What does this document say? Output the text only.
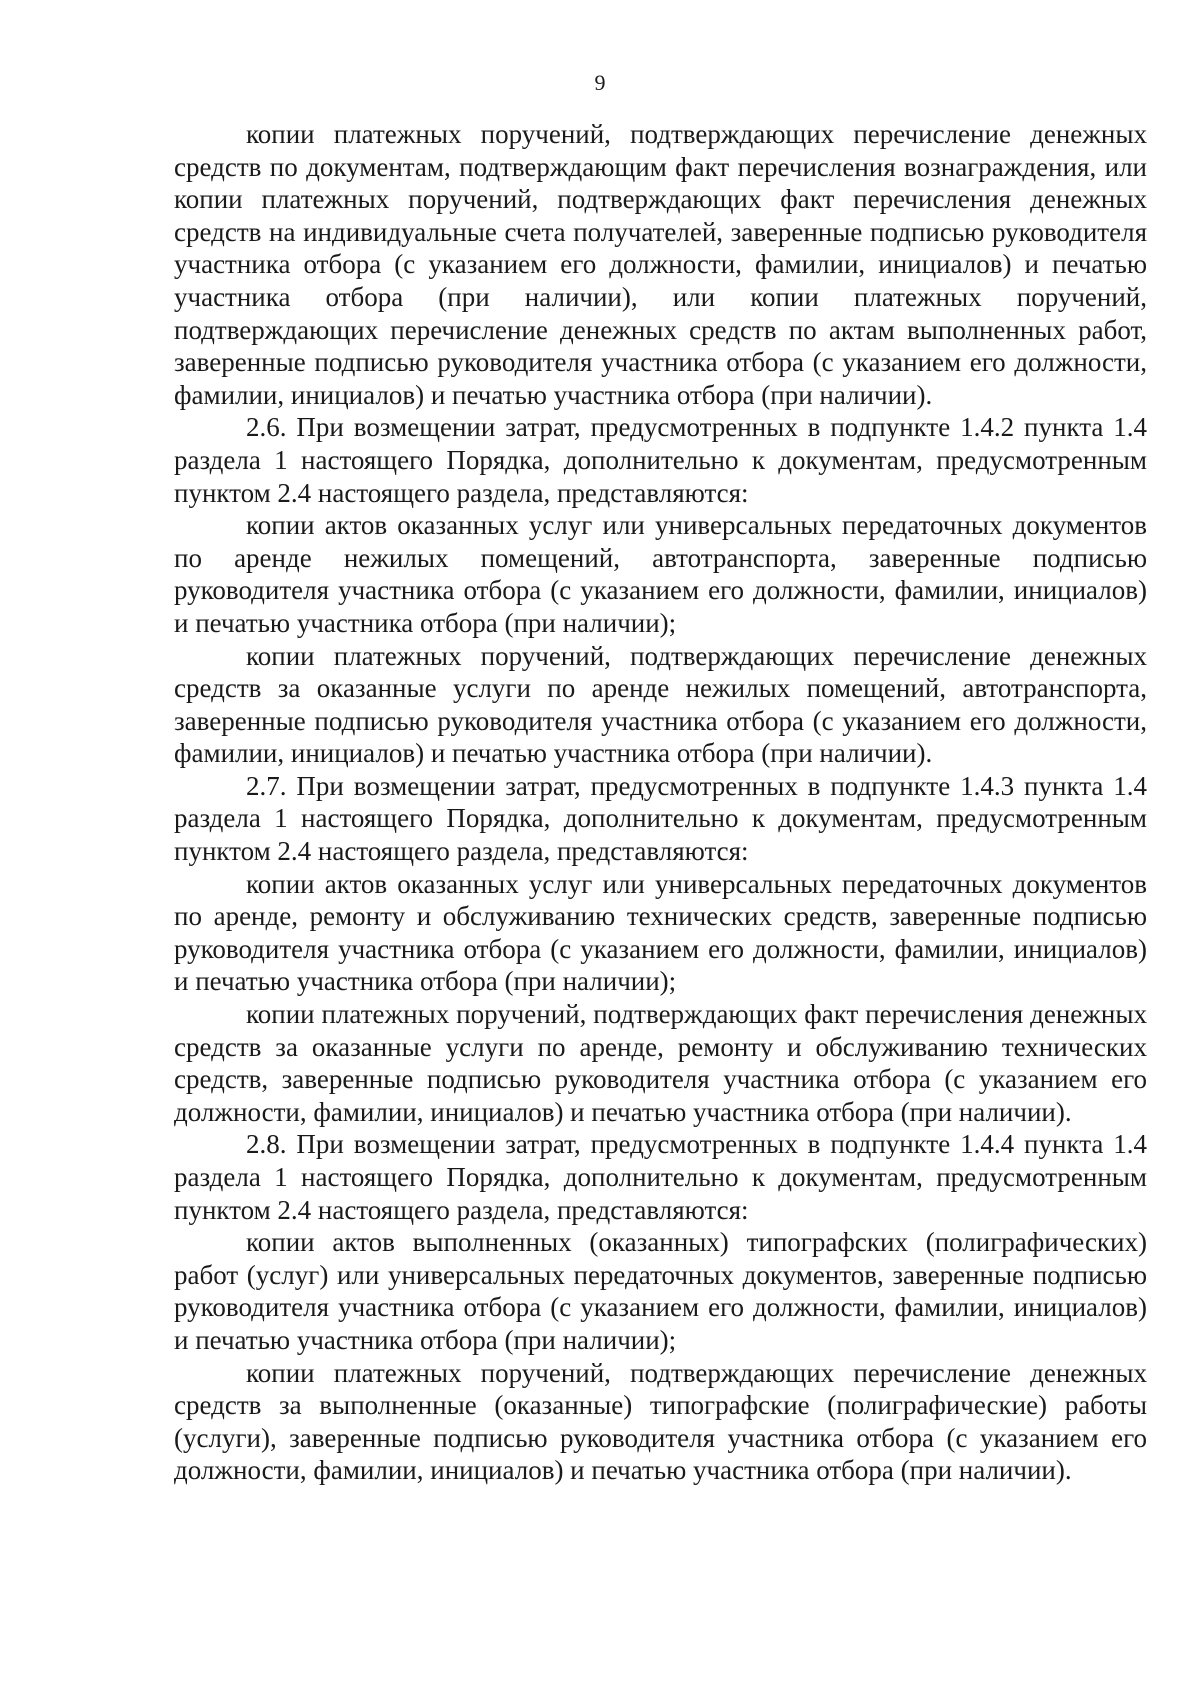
9

копии платежных поручений, подтверждающих перечисление денежных средств по документам, подтверждающим факт перечисления вознаграждения, или копии платежных поручений, подтверждающих факт перечисления денежных средств на индивидуальные счета получателей, заверенные подписью руководителя участника отбора (с указанием его должности, фамилии, инициалов) и печатью участника отбора (при наличии), или копии платежных поручений, подтверждающих перечисление денежных средств по актам выполненных работ, заверенные подписью руководителя участника отбора (с указанием его должности, фамилии, инициалов) и печатью участника отбора (при наличии).

2.6. При возмещении затрат, предусмотренных в подпункте 1.4.2 пункта 1.4 раздела 1 настоящего Порядка, дополнительно к документам, предусмотренным пунктом 2.4 настоящего раздела, представляются:

копии актов оказанных услуг или универсальных передаточных документов по аренде нежилых помещений, автотранспорта, заверенные подписью руководителя участника отбора (с указанием его должности, фамилии, инициалов) и печатью участника отбора (при наличии);

копии платежных поручений, подтверждающих перечисление денежных средств за оказанные услуги по аренде нежилых помещений, автотранспорта, заверенные подписью руководителя участника отбора (с указанием его должности, фамилии, инициалов) и печатью участника отбора (при наличии).

2.7. При возмещении затрат, предусмотренных в подпункте 1.4.3 пункта 1.4 раздела 1 настоящего Порядка, дополнительно к документам, предусмотренным пунктом 2.4 настоящего раздела, представляются:

копии актов оказанных услуг или универсальных передаточных документов по аренде, ремонту и обслуживанию технических средств, заверенные подписью руководителя участника отбора (с указанием его должности, фамилии, инициалов) и печатью участника отбора (при наличии);

копии платежных поручений, подтверждающих факт перечисления денежных средств за оказанные услуги по аренде, ремонту и обслуживанию технических средств, заверенные подписью руководителя участника отбора (с указанием его должности, фамилии, инициалов) и печатью участника отбора (при наличии).

2.8. При возмещении затрат, предусмотренных в подпункте 1.4.4 пункта 1.4 раздела 1 настоящего Порядка, дополнительно к документам, предусмотренным пунктом 2.4 настоящего раздела, представляются:

копии актов выполненных (оказанных) типографских (полиграфических) работ (услуг) или универсальных передаточных документов, заверенные подписью руководителя участника отбора (с указанием его должности, фамилии, инициалов) и печатью участника отбора (при наличии);

копии платежных поручений, подтверждающих перечисление денежных средств за выполненные (оказанные) типографские (полиграфические) работы (услуги), заверенные подписью руководителя участника отбора (с указанием его должности, фамилии, инициалов) и печатью участника отбора (при наличии).
